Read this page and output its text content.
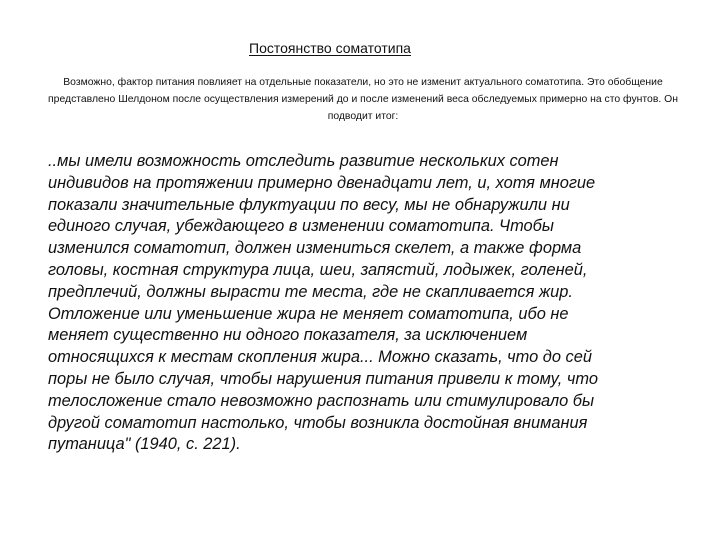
Постоянство соматотипа

Возможно, фактор питания повлияет на отдельные показатели, но это не изменит актуального соматотипа. Это обобщение представлено Шелдоном после осуществления измерений до и после изменений веса обследуемых примерно на сто фунтов. Он подводит итог:

..мы имели возможность отследить развитие нескольких сотен
индивидов на протяжении примерно двенадцати лет, и, хотя многие
показали значительные флуктуации по весу, мы не обнаружили ни
единого случая, убеждающего в изменении соматотипа. Чтобы
изменился соматотип, должен измениться скелет, а также форма
головы, костная структура лица, шеи, запястий, лодыжек, голеней,
предплечий, должны вырасти те места, где не скапливается жир.
Отложение или уменьшение жира не меняет соматотипа, ибо не
меняет существенно ни одного показателя, за исключением
относящихся к местам скопления жира... Можно сказать, что до сей
поры не было случая, чтобы нарушения питания привели к тому, что
телосложение стало невозможно распознать или стимулировало бы
другой соматотип настолько, чтобы возникла достойная внимания
путаница" (1940, с. 221).
